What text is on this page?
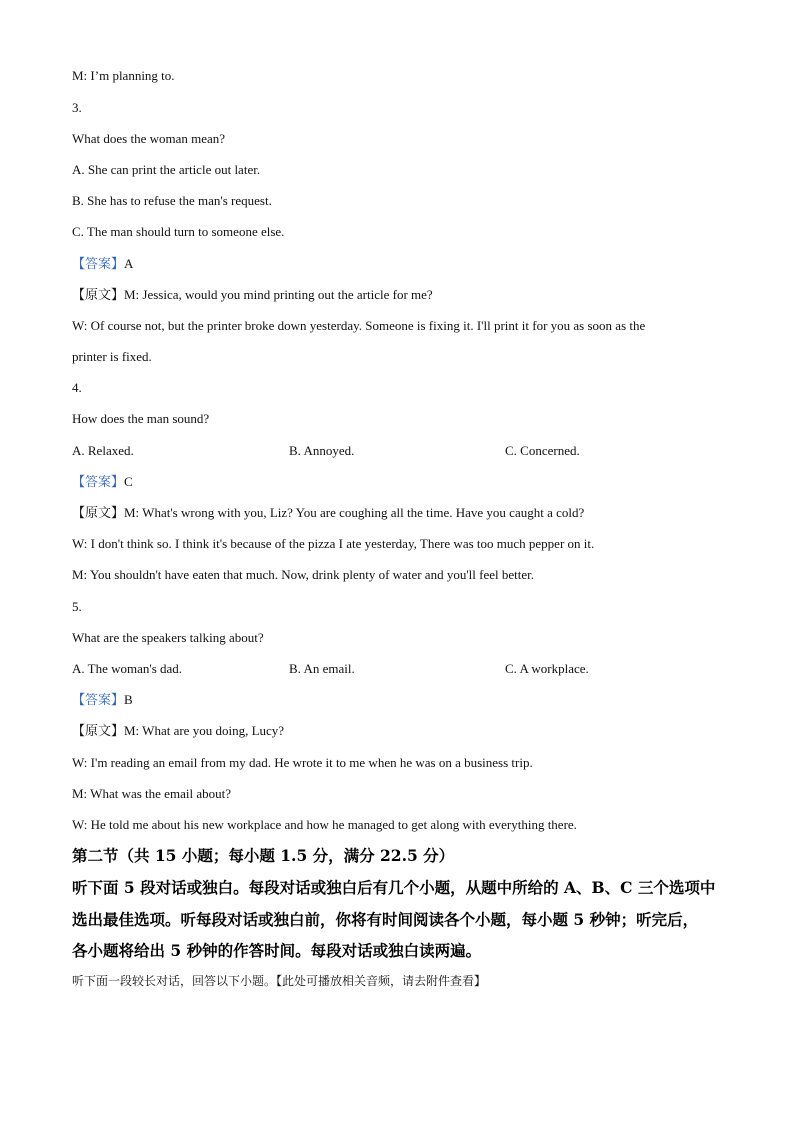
M: I’m planning to.

3.

What does the woman mean?

A. She can print the article out later.

B. She has to refuse the man's request.

C. The man should turn to someone else.

【答案】A

【原文】M: Jessica, would you mind printing out the article for me?

W: Of course not, but the printer broke down yesterday. Someone is fixing it. I'll print it for you as soon as the

printer is fixed.

4.

How does the man sound?

A. Relaxed.	B. Annoyed.	C. Concerned.

【答案】C

【原文】M: What's wrong with you, Liz? You are coughing all the time. Have you caught a cold?

W: I don't think so. I think it's because of the pizza I ate yesterday, There was too much pepper on it.

M: You shouldn't have eaten that much. Now, drink plenty of water and you'll feel better.

5.

What are the speakers talking about?

A. The woman's dad.	B. An email.	C. A workplace.

【答案】B

【原文】M: What are you doing, Lucy?

W: I'm reading an email from my dad. He wrote it to me when he was on a business trip.

M: What was the email about?

W: He told me about his new workplace and how he managed to get along with everything there.

第二节（共 15 小题；每小题 1.5 分，满分 22.5 分）

听下面 5 段对话或独白。每段对话或独白后有几个小题，从题中所给的 A、B、C 三个选项中

选出最佳选项。听每段对话或独白前，你将有时间阅读各个小题，每小题 5 秒钟；听完后，

各小题将给出 5 秒钟的作答时间。每段对话或独白读两遍。

听下面一段较长对话，回答以下小题。【此处可播放相关音频，请去附件查看】
